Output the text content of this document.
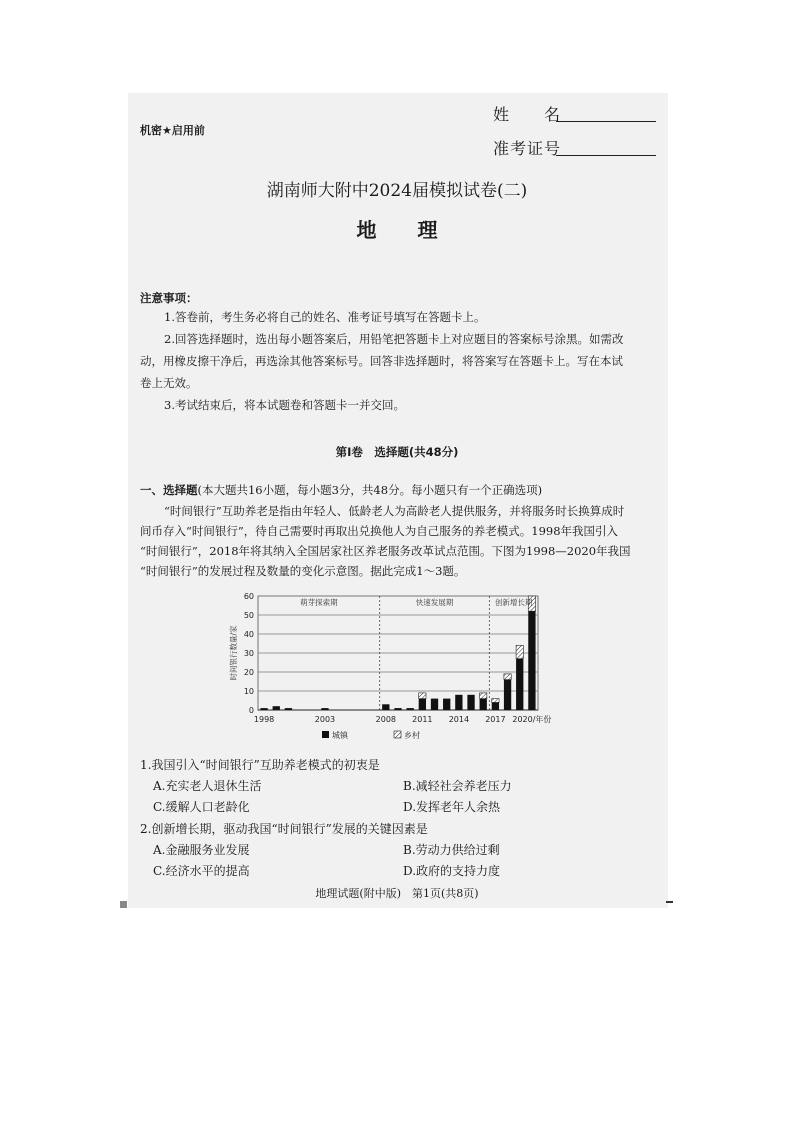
机密★启用前
姓　　名
准考证号
湖南师大附中2024届模拟试卷(二)
地 理
注意事项：
1.答卷前，考生务必将自己的姓名、准考证号填写在答题卡上。
2.回答选择题时，选出每小题答案后，用铅笔把答题卡上对应题目的答案标号涂黑。如需改
动，用橡皮擦干净后，再选涂其他答案标号。回答非选择题时，将答案写在答题卡上。写在本试
卷上无效。
3.考试结束后，将本试题卷和答题卡一并交回。
第Ⅰ卷　选择题(共48分)
一、选择题(本大题共16小题，每小题3分，共48分。每小题只有一个正确选项)
“时间银行”互助养老是指由年轻人、低龄老人为高龄老人提供服务，并将服务时长换算成时
间币存入“时间银行”，待自己需要时再取出兑换他人为自己服务的养老模式。1998年我国引入
“时间银行”，2018年将其纳入全国居家社区养老服务改革试点范围。下图为1998—2020年我国
“时间银行”的发展过程及数量的变化示意图。据此完成1～3题。
0
10
20
30
40
50
60
时间银行数量/家
萌芽探索期	快速发展期	创新增长期
1998	2003	2008 2011 2014 2017 2020/年份
城镇	乡村
1.我国引入“时间银行”互助养老模式的初衷是
A.充实老人退休生活	B.减轻社会养老压力
C.缓解人口老龄化	D.发挥老年人余热
2.创新增长期，驱动我国“时间银行”发展的关键因素是
A.金融服务业发展	B.劳动力供给过剩
C.经济水平的提高	D.政府的支持力度
地理试题(附中版)　第1页(共8页)
